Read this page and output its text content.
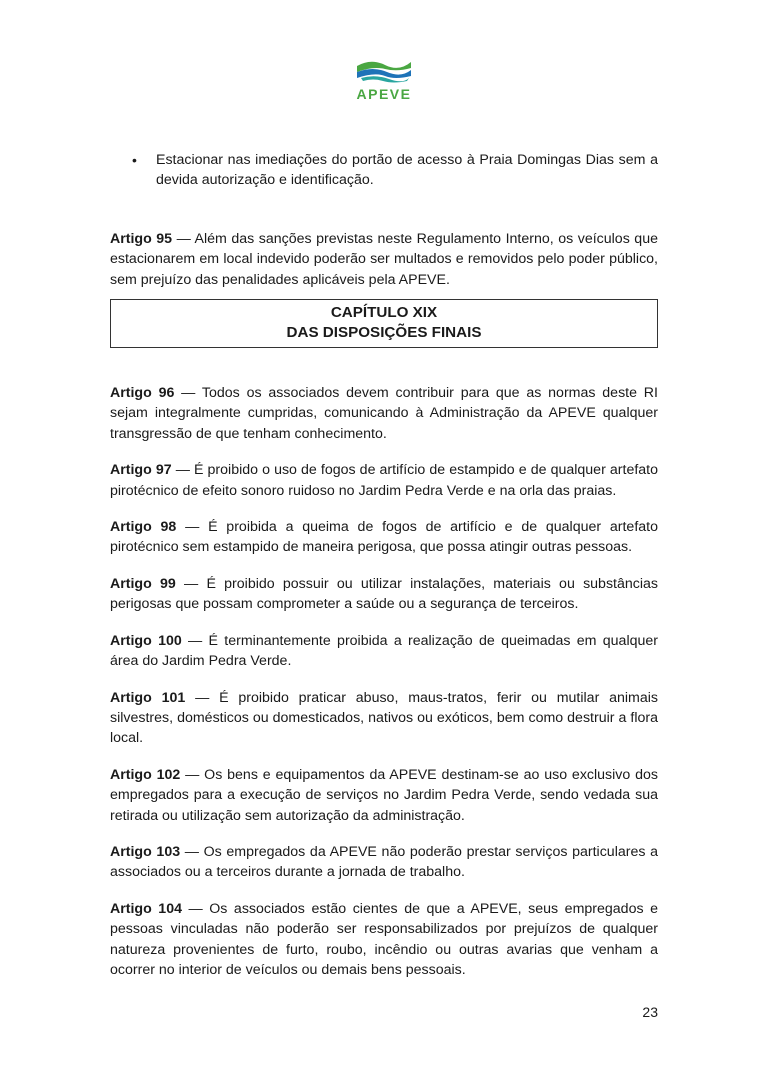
APEVE
• Estacionar nas imediações do portão de acesso à Praia Domingas Dias sem a devida autorização e identificação.

Artigo 95 — Além das sanções previstas neste Regulamento Interno, os veículos que estacionarem em local indevido poderão ser multados e removidos pelo poder público, sem prejuízo das penalidades aplicáveis pela APEVE.

CAPÍTULO XIX
DAS DISPOSIÇÕES FINAIS

Artigo 96 — Todos os associados devem contribuir para que as normas deste RI sejam integralmente cumpridas, comunicando à Administração da APEVE qualquer transgressão de que tenham conhecimento.

Artigo 97 — É proibido o uso de fogos de artifício de estampido e de qualquer artefato pirotécnico de efeito sonoro ruidoso no Jardim Pedra Verde e na orla das praias.

Artigo 98 — É proibida a queima de fogos de artifício e de qualquer artefato pirotécnico sem estampido de maneira perigosa, que possa atingir outras pessoas.

Artigo 99 — É proibido possuir ou utilizar instalações, materiais ou substâncias perigosas que possam comprometer a saúde ou a segurança de terceiros.

Artigo 100 — É terminantemente proibida a realização de queimadas em qualquer área do Jardim Pedra Verde.

Artigo 101 — É proibido praticar abuso, maus-tratos, ferir ou mutilar animais silvestres, domésticos ou domesticados, nativos ou exóticos, bem como destruir a flora local.

Artigo 102 — Os bens e equipamentos da APEVE destinam-se ao uso exclusivo dos empregados para a execução de serviços no Jardim Pedra Verde, sendo vedada sua retirada ou utilização sem autorização da administração.

Artigo 103 — Os empregados da APEVE não poderão prestar serviços particulares a associados ou a terceiros durante a jornada de trabalho.

Artigo 104 — Os associados estão cientes de que a APEVE, seus empregados e pessoas vinculadas não poderão ser responsabilizados por prejuízos de qualquer natureza provenientes de furto, roubo, incêndio ou outras avarias que venham a ocorrer no interior de veículos ou demais bens pessoais.

23
